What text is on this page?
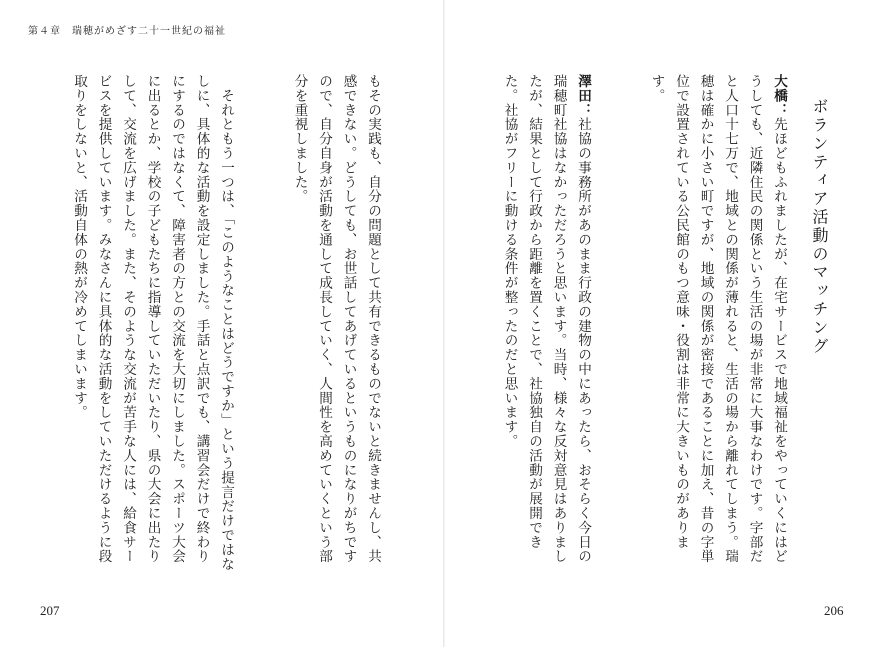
第４章　瑞穂がめざす二十一世紀の福祉
ボランティア活動のマッチング

大橋：先ほどもふれましたが、在宅サービスで地域福祉をやっていくにはどうしても、近隣住民の関係という生活の場が非常に大事なわけです。字部だと人口十七万で、地域との関係が薄れると、生活の場から離れてしまう。瑞穂は確かに小さい町ですが、地域の関係が密接であることに加え、昔の字単位で設置されている公民館のもつ意味・役割は非常に大きいものがあります。

澤田：社協の事務所があのまま行政の建物の中にあったら、おそらく今日の瑞穂町社協はなかっただろうと思います。当時、様々な反対意見はありましたが、結果として行政から距離を置くことで、社協独自の活動が展開できた。社協がフリーに動ける条件が整ったのだと思います。

もその実践も、自分の問題として共有できるものでないと続きませんし、共感できない。どうしても、お世話してあげているというものになりがちですので、自分自身が活動を通して成長していく、人間性を高めていくという部分を重視しました。

　それともう一つは、「このようなことはどうですか」という提言だけではなしに、具体的な活動を設定しました。手話と点訳でも、講習会だけで終わりにするのではなくて、障害者の方との交流を大切にしました。スポーツ大会に出るとか、学校の子どもたちに指導していただいたり、県の大会に出たりして、交流を広げました。また、そのような交流が苦手な人には、給食サービスを提供しています。みなさんに具体的な活動をしていただけるように段取りをしないと、活動自体の熱が冷めてしまいます。

207	206
